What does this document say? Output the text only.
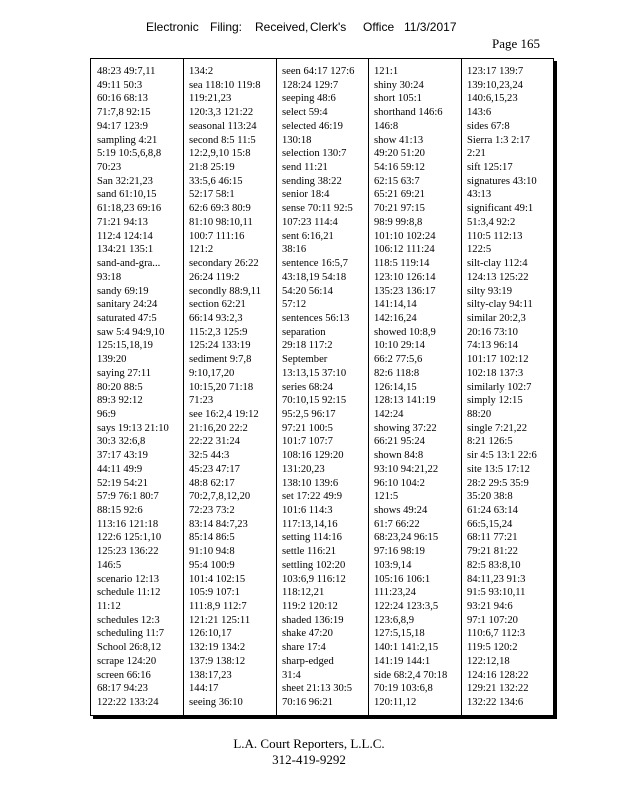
Electronic Filing: Received, Clerk's Office 11/3/2017
Page 165
48:23 49:7,11
49:11 50:3
60:16 68:13
71:7,8 92:15
94:17 123:9
sampling 4:21
5:19 10:5,6,8,8
70:23
San 32:21,23
sand 61:10,15
61:18,23 69:16
71:21 94:13
112:4 124:14
134:21 135:1
sand-and-gra...
93:18
sandy 69:19
sanitary 24:24
saturated 47:5
saw 5:4 94:9,10
125:15,18,19
139:20
saying 27:11
80:20 88:5
89:3 92:12
96:9
says 19:13 21:10
30:3 32:6,8
37:17 43:19
44:11 49:9
52:19 54:21
57:9 76:1 80:7
88:15 92:6
113:16 121:18
122:6 125:1,10
125:23 136:22
146:5
scenario 12:13
schedule 11:12
11:12
schedules 12:3
scheduling 11:7
School 26:8,12
scrape 124:20
screen 66:16
68:17 94:23
122:22 133:24
134:2
sea 118:10 119:8
119:21,23
120:3,3 121:22
seasonal 113:24
second 8:5 11:5
12:2,9,10 15:8
21:8 25:19
33:5,6 46:15
52:17 58:1
62:6 69:3 80:9
81:10 98:10,11
100:7 111:16
121:2
secondary 26:22
26:24 119:2
secondly 88:9,11
section 62:21
66:14 93:2,3
115:2,3 125:9
125:24 133:19
sediment 9:7,8
9:10,17,20
10:15,20 71:18
71:23
see 16:2,4 19:12
21:16,20 22:2
22:22 31:24
32:5 44:3
45:23 47:17
48:8 62:17
70:2,7,8,12,20
72:23 73:2
83:14 84:7,23
85:14 86:5
91:10 94:8
95:4 100:9
101:4 102:15
105:9 107:1
111:8,9 112:7
121:21 125:11
126:10,17
132:19 134:2
137:9 138:12
138:17,23
144:17
seeing 36:10
seen 64:17 127:6
128:24 129:7
seeping 48:6
select 59:4
selected 46:19
130:18
selection 130:7
send 11:21
sending 38:22
senior 18:4
sense 70:11 92:5
107:23 114:4
sent 6:16,21
38:16
sentence 16:5,7
43:18,19 54:18
54:20 56:14
57:12
sentences 56:13
separation
29:18 117:2
September
13:13,15 37:10
series 68:24
70:10,15 92:15
95:2,5 96:17
97:21 100:5
101:7 107:7
108:16 129:20
131:20,23
138:10 139:6
set 17:22 49:9
101:6 114:3
117:13,14,16
setting 114:16
settle 116:21
settling 102:20
103:6,9 116:12
118:12,21
119:2 120:12
shaded 136:19
shake 47:20
share 17:4
sharp-edged
31:4
sheet 21:13 30:5
70:16 96:21
121:1
shiny 30:24
short 105:1
shorthand 146:6
146:8
show 41:13
49:20 51:20
54:16 59:12
62:15 63:7
65:21 69:21
70:21 97:15
98:9 99:8,8
101:10 102:24
106:12 111:24
118:5 119:14
123:10 126:14
135:23 136:17
141:14,14
142:16,24
showed 10:8,9
10:10 29:14
66:2 77:5,6
82:6 118:8
126:14,15
128:13 141:19
142:24
showing 37:22
66:21 95:24
shown 84:8
93:10 94:21,22
96:10 104:2
121:5
shows 49:24
61:7 66:22
68:23,24 96:15
97:16 98:19
103:9,14
105:16 106:1
111:23,24
122:24 123:3,5
123:6,8,9
127:5,15,18
140:1 141:2,15
141:19 144:1
side 68:2,4 70:18
70:19 103:6,8
120:11,12
123:17 139:7
139:10,23,24
140:6,15,23
143:6
sides 67:8
Sierra 1:3 2:17
2:21
sift 125:17
signatures 43:10
43:13
significant 49:1
51:3,4 92:2
110:5 112:13
122:5
silt-clay 112:4
124:13 125:22
silty 93:19
silty-clay 94:11
similar 20:2,3
20:16 73:10
74:13 96:14
101:17 102:12
102:18 137:3
similarly 102:7
simply 12:15
88:20
single 7:21,22
8:21 126:5
sir 4:5 13:1 22:6
site 13:5 17:12
28:2 29:5 35:9
35:20 38:8
61:24 63:14
66:5,15,24
68:11 77:21
79:21 81:22
82:5 83:8,10
84:11,23 91:3
91:5 93:10,11
93:21 94:6
97:1 107:20
110:6,7 112:3
119:5 120:2
122:12,18
124:16 128:22
129:21 132:22
132:22 134:6
L.A. Court Reporters, L.L.C.
312-419-9292
